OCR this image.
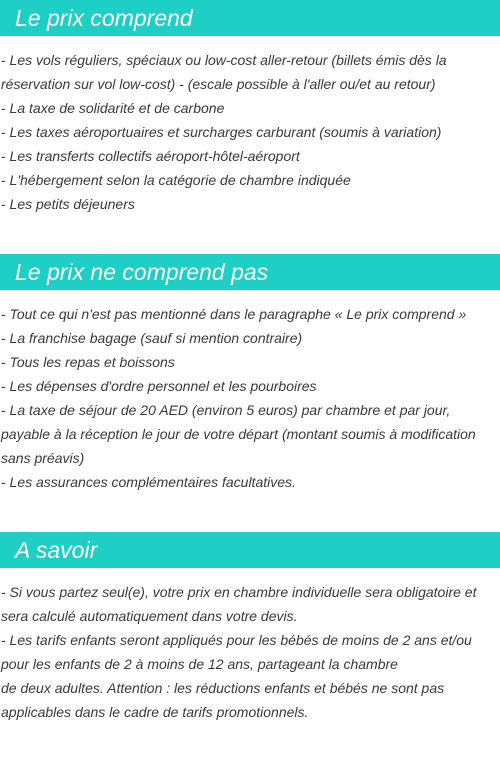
Le prix comprend
- Les vols réguliers, spéciaux ou low-cost aller-retour (billets émis dès la réservation sur vol low-cost) - (escale possible à l'aller ou/et au retour)
- La taxe de solidarité et de carbone
- Les taxes aéroportuaires et surcharges carburant (soumis à variation)
- Les transferts collectifs aéroport-hôtel-aéroport
- L'hébergement selon la catégorie de chambre indiquée
- Les petits déjeuners
Le prix ne comprend pas
- Tout ce qui n'est pas mentionné dans le paragraphe « Le prix comprend »
- La franchise bagage (sauf si mention contraire)
- Tous les repas et boissons
- Les dépenses d'ordre personnel et les pourboires
- La taxe de séjour de 20 AED (environ 5 euros) par chambre et par jour, payable à la réception le jour de votre départ (montant soumis à modification sans préavis)
- Les assurances complémentaires facultatives.
A savoir
- Si vous partez seul(e), votre prix en chambre individuelle sera obligatoire et sera calculé automatiquement dans votre devis.
- Les tarifs enfants seront appliqués pour les bébés de moins de 2 ans et/ou pour les enfants de 2 à moins de 12 ans, partageant la chambre
de deux adultes. Attention : les réductions enfants et bébés ne sont pas applicables dans le cadre de tarifs promotionnels.
